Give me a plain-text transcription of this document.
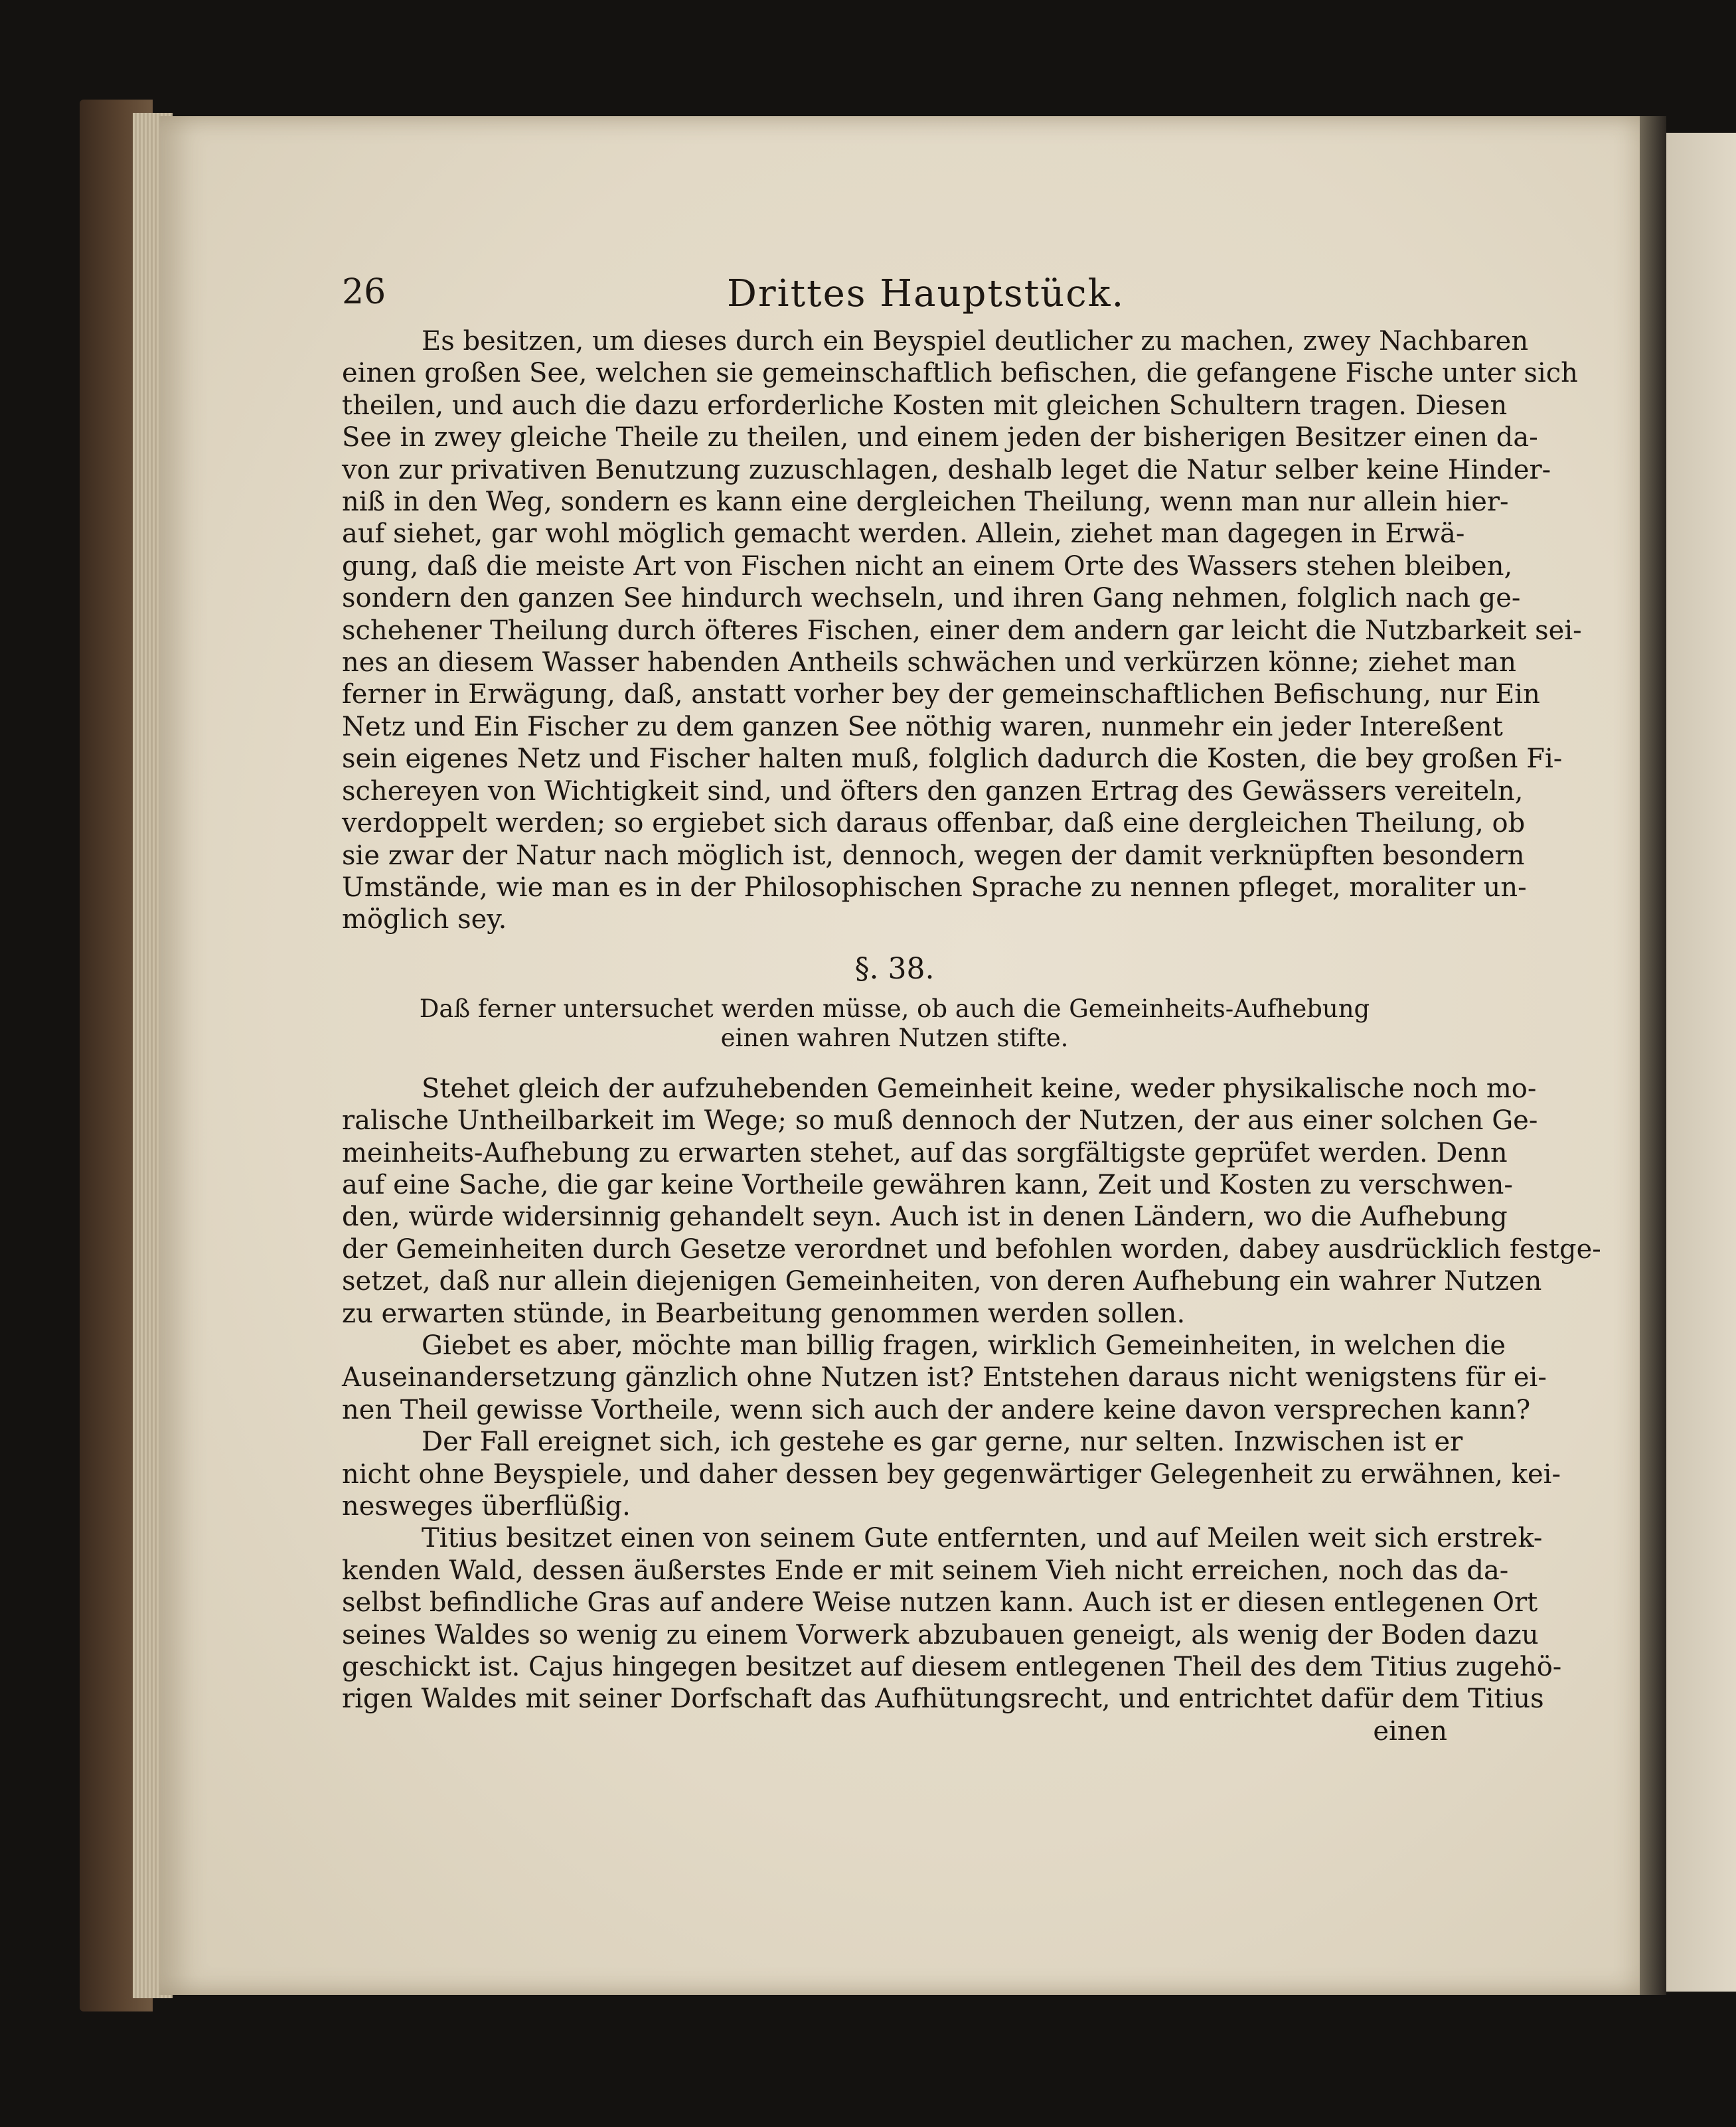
26	Drittes Hauptstück.
Es besitzen, um dieses durch ein Beyspiel deutlicher zu machen, zwey Nachbaren
einen großen See, welchen sie gemeinschaftlich befischen, die gefangene Fische unter sich
theilen, und auch die dazu erforderliche Kosten mit gleichen Schultern tragen. Diesen
See in zwey gleiche Theile zu theilen, und einem jeden der bisherigen Besitzer einen da-
von zur privativen Benutzung zuzuschlagen, deshalb leget die Natur selber keine Hinder-
niß in den Weg, sondern es kann eine dergleichen Theilung, wenn man nur allein hier-
auf siehet, gar wohl möglich gemacht werden. Allein, ziehet man dagegen in Erwä-
gung, daß die meiste Art von Fischen nicht an einem Orte des Wassers stehen bleiben,
sondern den ganzen See hindurch wechseln, und ihren Gang nehmen, folglich nach ge-
schehener Theilung durch öfteres Fischen, einer dem andern gar leicht die Nutzbarkeit sei-
nes an diesem Wasser habenden Antheils schwächen und verkürzen könne; ziehet man
ferner in Erwägung, daß, anstatt vorher bey der gemeinschaftlichen Befischung, nur Ein
Netz und Ein Fischer zu dem ganzen See nöthig waren, nunmehr ein jeder Intereßent
sein eigenes Netz und Fischer halten muß, folglich dadurch die Kosten, die bey großen Fi-
schereyen von Wichtigkeit sind, und öfters den ganzen Ertrag des Gewässers vereiteln,
verdoppelt werden; so ergiebet sich daraus offenbar, daß eine dergleichen Theilung, ob
sie zwar der Natur nach möglich ist, dennoch, wegen der damit verknüpften besondern
Umstände, wie man es in der Philosophischen Sprache zu nennen pfleget, moraliter un-
möglich sey.
§. 38.
Daß ferner untersuchet werden müsse, ob auch die Gemeinheits-Aufhebung
einen wahren Nutzen stifte.
Stehet gleich der aufzuhebenden Gemeinheit keine, weder physikalische noch mo-
ralische Untheilbarkeit im Wege; so muß dennoch der Nutzen, der aus einer solchen Ge-
meinheits-Aufhebung zu erwarten stehet, auf das sorgfältigste geprüfet werden. Denn
auf eine Sache, die gar keine Vortheile gewähren kann, Zeit und Kosten zu verschwen-
den, würde widersinnig gehandelt seyn. Auch ist in denen Ländern, wo die Aufhebung
der Gemeinheiten durch Gesetze verordnet und befohlen worden, dabey ausdrücklich festge-
setzet, daß nur allein diejenigen Gemeinheiten, von deren Aufhebung ein wahrer Nutzen
zu erwarten stünde, in Bearbeitung genommen werden sollen.
Giebet es aber, möchte man billig fragen, wirklich Gemeinheiten, in welchen die
Auseinandersetzung gänzlich ohne Nutzen ist? Entstehen daraus nicht wenigstens für ei-
nen Theil gewisse Vortheile, wenn sich auch der andere keine davon versprechen kann?
Der Fall ereignet sich, ich gestehe es gar gerne, nur selten. Inzwischen ist er
nicht ohne Beyspiele, und daher dessen bey gegenwärtiger Gelegenheit zu erwähnen, kei-
nesweges überflüßig.
Titius besitzet einen von seinem Gute entfernten, und auf Meilen weit sich erstrek-
kenden Wald, dessen äußerstes Ende er mit seinem Vieh nicht erreichen, noch das da-
selbst befindliche Gras auf andere Weise nutzen kann. Auch ist er diesen entlegenen Ort
seines Waldes so wenig zu einem Vorwerk abzubauen geneigt, als wenig der Boden dazu
geschickt ist. Cajus hingegen besitzet auf diesem entlegenen Theil des dem Titius zugehö-
rigen Waldes mit seiner Dorfschaft das Aufhütungsrecht, und entrichtet dafür dem Titius
einen
